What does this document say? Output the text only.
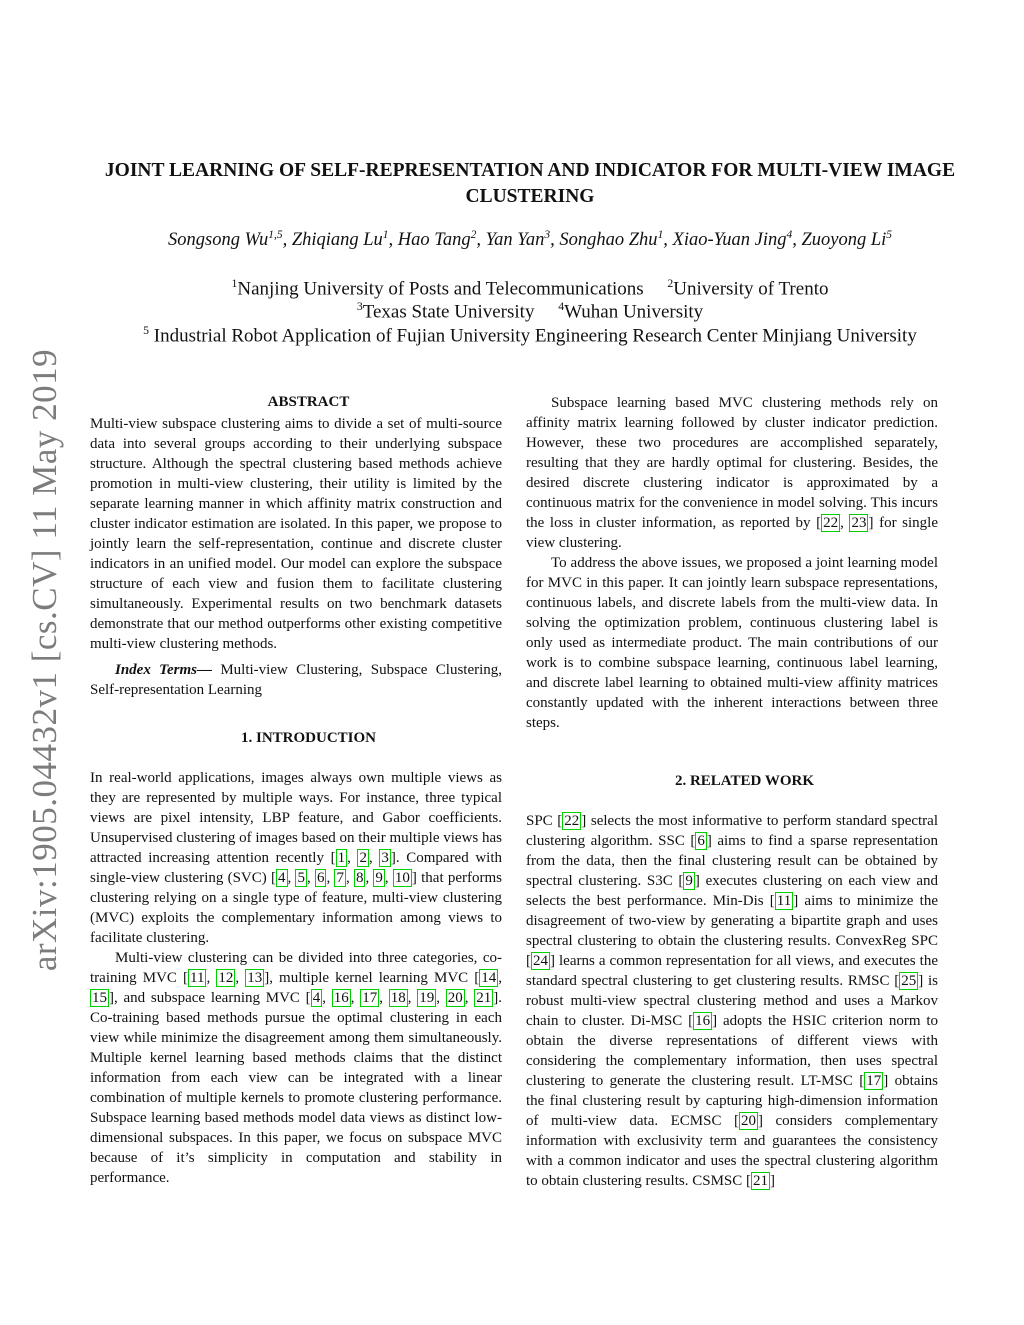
arXiv:1905.04432v1 [cs.CV] 11 May 2019
JOINT LEARNING OF SELF-REPRESENTATION AND INDICATOR FOR MULTI-VIEW IMAGE CLUSTERING
Songsong Wu$^{1,5}$, Zhiqiang Lu$^1$, Hao Tang$^2$, Yan Yan$^3$, Songhao Zhu$^1$, Xiao-Yuan Jing$^4$, Zuoyong Li$^5$
$^1$Nanjing University of Posts and Telecommunications  $^2$University of Trento
$^3$Texas State University  $^4$Wuhan University
$^5$ Industrial Robot Application of Fujian University Engineering Research Center Minjiang University

ABSTRACT

Multi-view subspace clustering aims to divide a set of multi-source data into several groups according to their underlying subspace structure. Although the spectral clustering based methods achieve promotion in multi-view clustering, their utility is limited by the separate learning manner in which affinity matrix construction and cluster indicator estimation are isolated. In this paper, we propose to jointly learn the self-representation, continue and discrete cluster indicators in an unified model. Our model can explore the subspace structure of each view and fusion them to facilitate clustering simultaneously. Experimental results on two benchmark datasets demonstrate that our method outperforms other existing competitive multi-view clustering methods.

Index Terms— Multi-view Clustering, Subspace Clustering, Self-representation Learning

1. INTRODUCTION

In real-world applications, images always own multiple views as they are represented by multiple ways. For instance, three typical views are pixel intensity, LBP feature, and Gabor coefficients. Unsupervised clustering of images based on their multiple views has attracted increasing attention recently [ 1 , 2 , 3 ]. Compared with single-view clustering (SVC) [ 4 , 5 , 6 , 7 , 8 , 9 , 10 ] that performs clustering relying on a single type of feature, multi-view clustering (MVC) exploits the complementary information among views to facilitate clustering.

Multi-view clustering can be divided into three categories, co-training MVC [ 11 , 12 , 13 ], multiple kernel learning MVC [ 14 , 15 ], and subspace learning MVC [ 4 , 16 , 17 , 18 , 19 , 20 , 21 ]. Co-training based methods pursue the optimal clustering in each view while minimize the disagreement among them simultaneously. Multiple kernel learning based methods claims that the distinct information from each view can be integrated with a linear combination of multiple kernels to promote clustering performance. Subspace learning based methods model data views as distinct low-dimensional subspaces. In this paper, we focus on subspace MVC because of it’s simplicity in computation and stability in performance.

Subspace learning based MVC clustering methods rely on affinity matrix learning followed by cluster indicator prediction. However, these two procedures are accomplished separately, resulting that they are hardly optimal for clustering. Besides, the desired discrete clustering indicator is approximated by a continuous matrix for the convenience in model solving. This incurs the loss in cluster information, as reported by [ 22 , 23 ] for single view clustering.

To address the above issues, we proposed a joint learning model for MVC in this paper. It can jointly learn subspace representations, continuous labels, and discrete labels from the multi-view data. In solving the optimization problem, continuous clustering label is only used as intermediate product. The main contributions of our work is to combine subspace learning, continuous label learning, and discrete label learning to obtained multi-view affinity matrices constantly updated with the inherent interactions between three steps.

2. RELATED WORK

SPC [ 22 ] selects the most informative to perform standard spectral clustering algorithm. SSC [ 6 ] aims to find a sparse representation from the data, then the final clustering result can be obtained by spectral clustering. S3C [ 9 ] executes clustering on each view and selects the best performance. Min-Dis [ 11 ] aims to minimize the disagreement of two-view by generating a bipartite graph and uses spectral clustering to obtain the clustering results. ConvexReg SPC [ 24 ] learns a common representation for all views, and executes the standard spectral clustering to get clustering results. RMSC [ 25 ] is robust multi-view spectral clustering method and uses a Markov chain to cluster. Di-MSC [ 16 ] adopts the HSIC criterion norm to obtain the diverse representations of different views with considering the complementary information, then uses spectral clustering to generate the clustering result. LT-MSC [ 17 ] obtains the final clustering result by capturing high-dimension information of multi-view data. ECMSC [ 20 ] considers complementary information with exclusivity term and guarantees the consistency with a common indicator and uses the spectral clustering algorithm to obtain clustering results. CSMSC [ 21 ]
